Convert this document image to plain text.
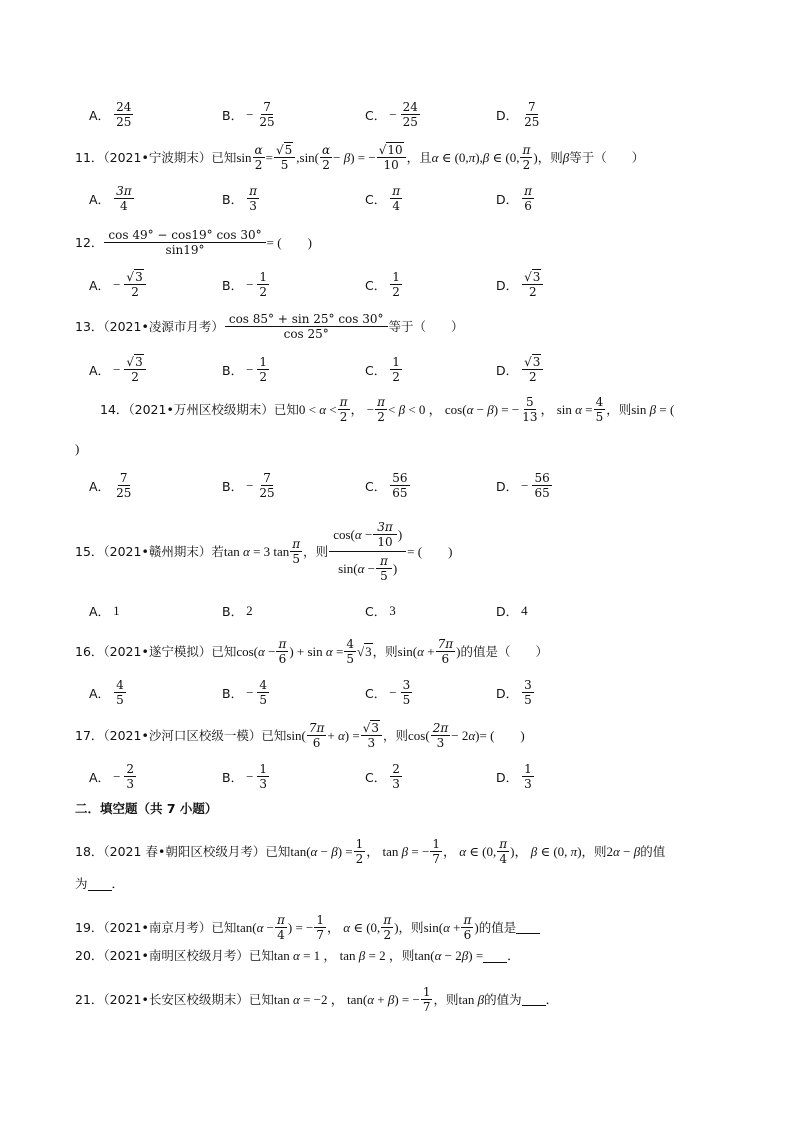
A． $\frac{24}{25}$	B． − $\frac{7}{25}$	C． − $\frac{24}{25}$	D． $\frac{7}{25}$
11．（2021•宁波期末）已知 $\sin \frac{\alpha}{2} = \frac{√5}{5} ,\sin$( α
2
− β) = − $\frac{√10}{10}$ ，且 α ∈ (0,π),β ∈ (0, π
2
) ，则 β 等于（　　）
A． $\frac{3\pi}{4}$	B． $\frac{\pi}{3}$	C． $\frac{\pi}{4}$	D． $\frac{\pi}{6}$
12． $\frac{\cos 49^\circ - \cos 19^\circ \cos 30^\circ}{\sin 19^\circ}$ = (　　)
A． − $\frac{√3}{2}$	B． − $\frac{1}{2}$	C． $\frac{1}{2}$	D． $\frac{√3}{2}$
13．（2021•凌源市月考） $\frac{\cos 85^\circ + \sin 25^\circ \cos 30^\circ}{\cos 25^\circ}$ 等于（　　）
A． − $\frac{√3}{2}$	B． − $\frac{1}{2}$	C． $\frac{1}{2}$	D． $\frac{√3}{2}$
14．（2021•万州区校级期末）已知 0 < α < π
2
， − $\frac{\pi}{2} < \beta < 0$ ， cos(α − β) = − $\frac{5}{13}$ ， $\sin \alpha = \frac{4}{5}$ ，则 sin β = (
)
A． $\frac{7}{25}$	B． − $\frac{7}{25}$	C． $\frac{56}{65}$	D． − $\frac{56}{65}$
15．（2021•赣州期末）若 tan α = 3 tan π
5
，则 $\frac{\cos(\alpha - \frac{3\pi}{10} )}{\sin(\alpha - \frac{\pi}{5} )}$ = (　　)
A． 1	B． 2	C． 3	D． 4
16．（2021•遂宁模拟）已知 $\cos(\alpha - \frac{\pi}{6}$ ) + $\sin \alpha = \frac{4}{5} √3$ ，则 $\sin(\alpha + \frac{7\pi}{6}$ ) 的值是（　　）
A． $\frac{4}{5}$	B． − $\frac{4}{5}$	C． − $\frac{3}{5}$	D． $\frac{3}{5}$
17．（2021•沙河口区校级一模）已知 sin( 7π
6
+ $\alpha) = \frac{√3}{3}$ ，则 cos( 2π
3
− 2α) = (　　)
A． − $\frac{2}{3}$	B． − $\frac{1}{3}$	C． $\frac{2}{3}$	D． $\frac{1}{3}$
二．填空题（共 7 小题）
18．（2021 春•朝阳区校级月考）已知 $\tan(\alpha - \beta) = \frac{1}{2}$ ， tan β = − $\frac{1}{7}$ ， α ∈ (0, π
4
)， β ∈ (0, π) ，则 2α − β 的值
为 ．
19．（2021•南京月考）已知 $\tan(\alpha - \frac{\pi}{4}$ ) = − $\frac{1}{7}$ ， α ∈ (0, π
2
) ，则 $\sin(\alpha + \frac{\pi}{6}$ ) 的值是
20．（2021•南明区校级月考）已知 tan α = 1 ， tan β = 2 ， 则 tan(α − 2β) = ．
21．（2021•长安区校级期末）已知 tan α = −2 ， tan(α + β) = − $\frac{1}{7}$ ，则 tan β 的值为 ．
